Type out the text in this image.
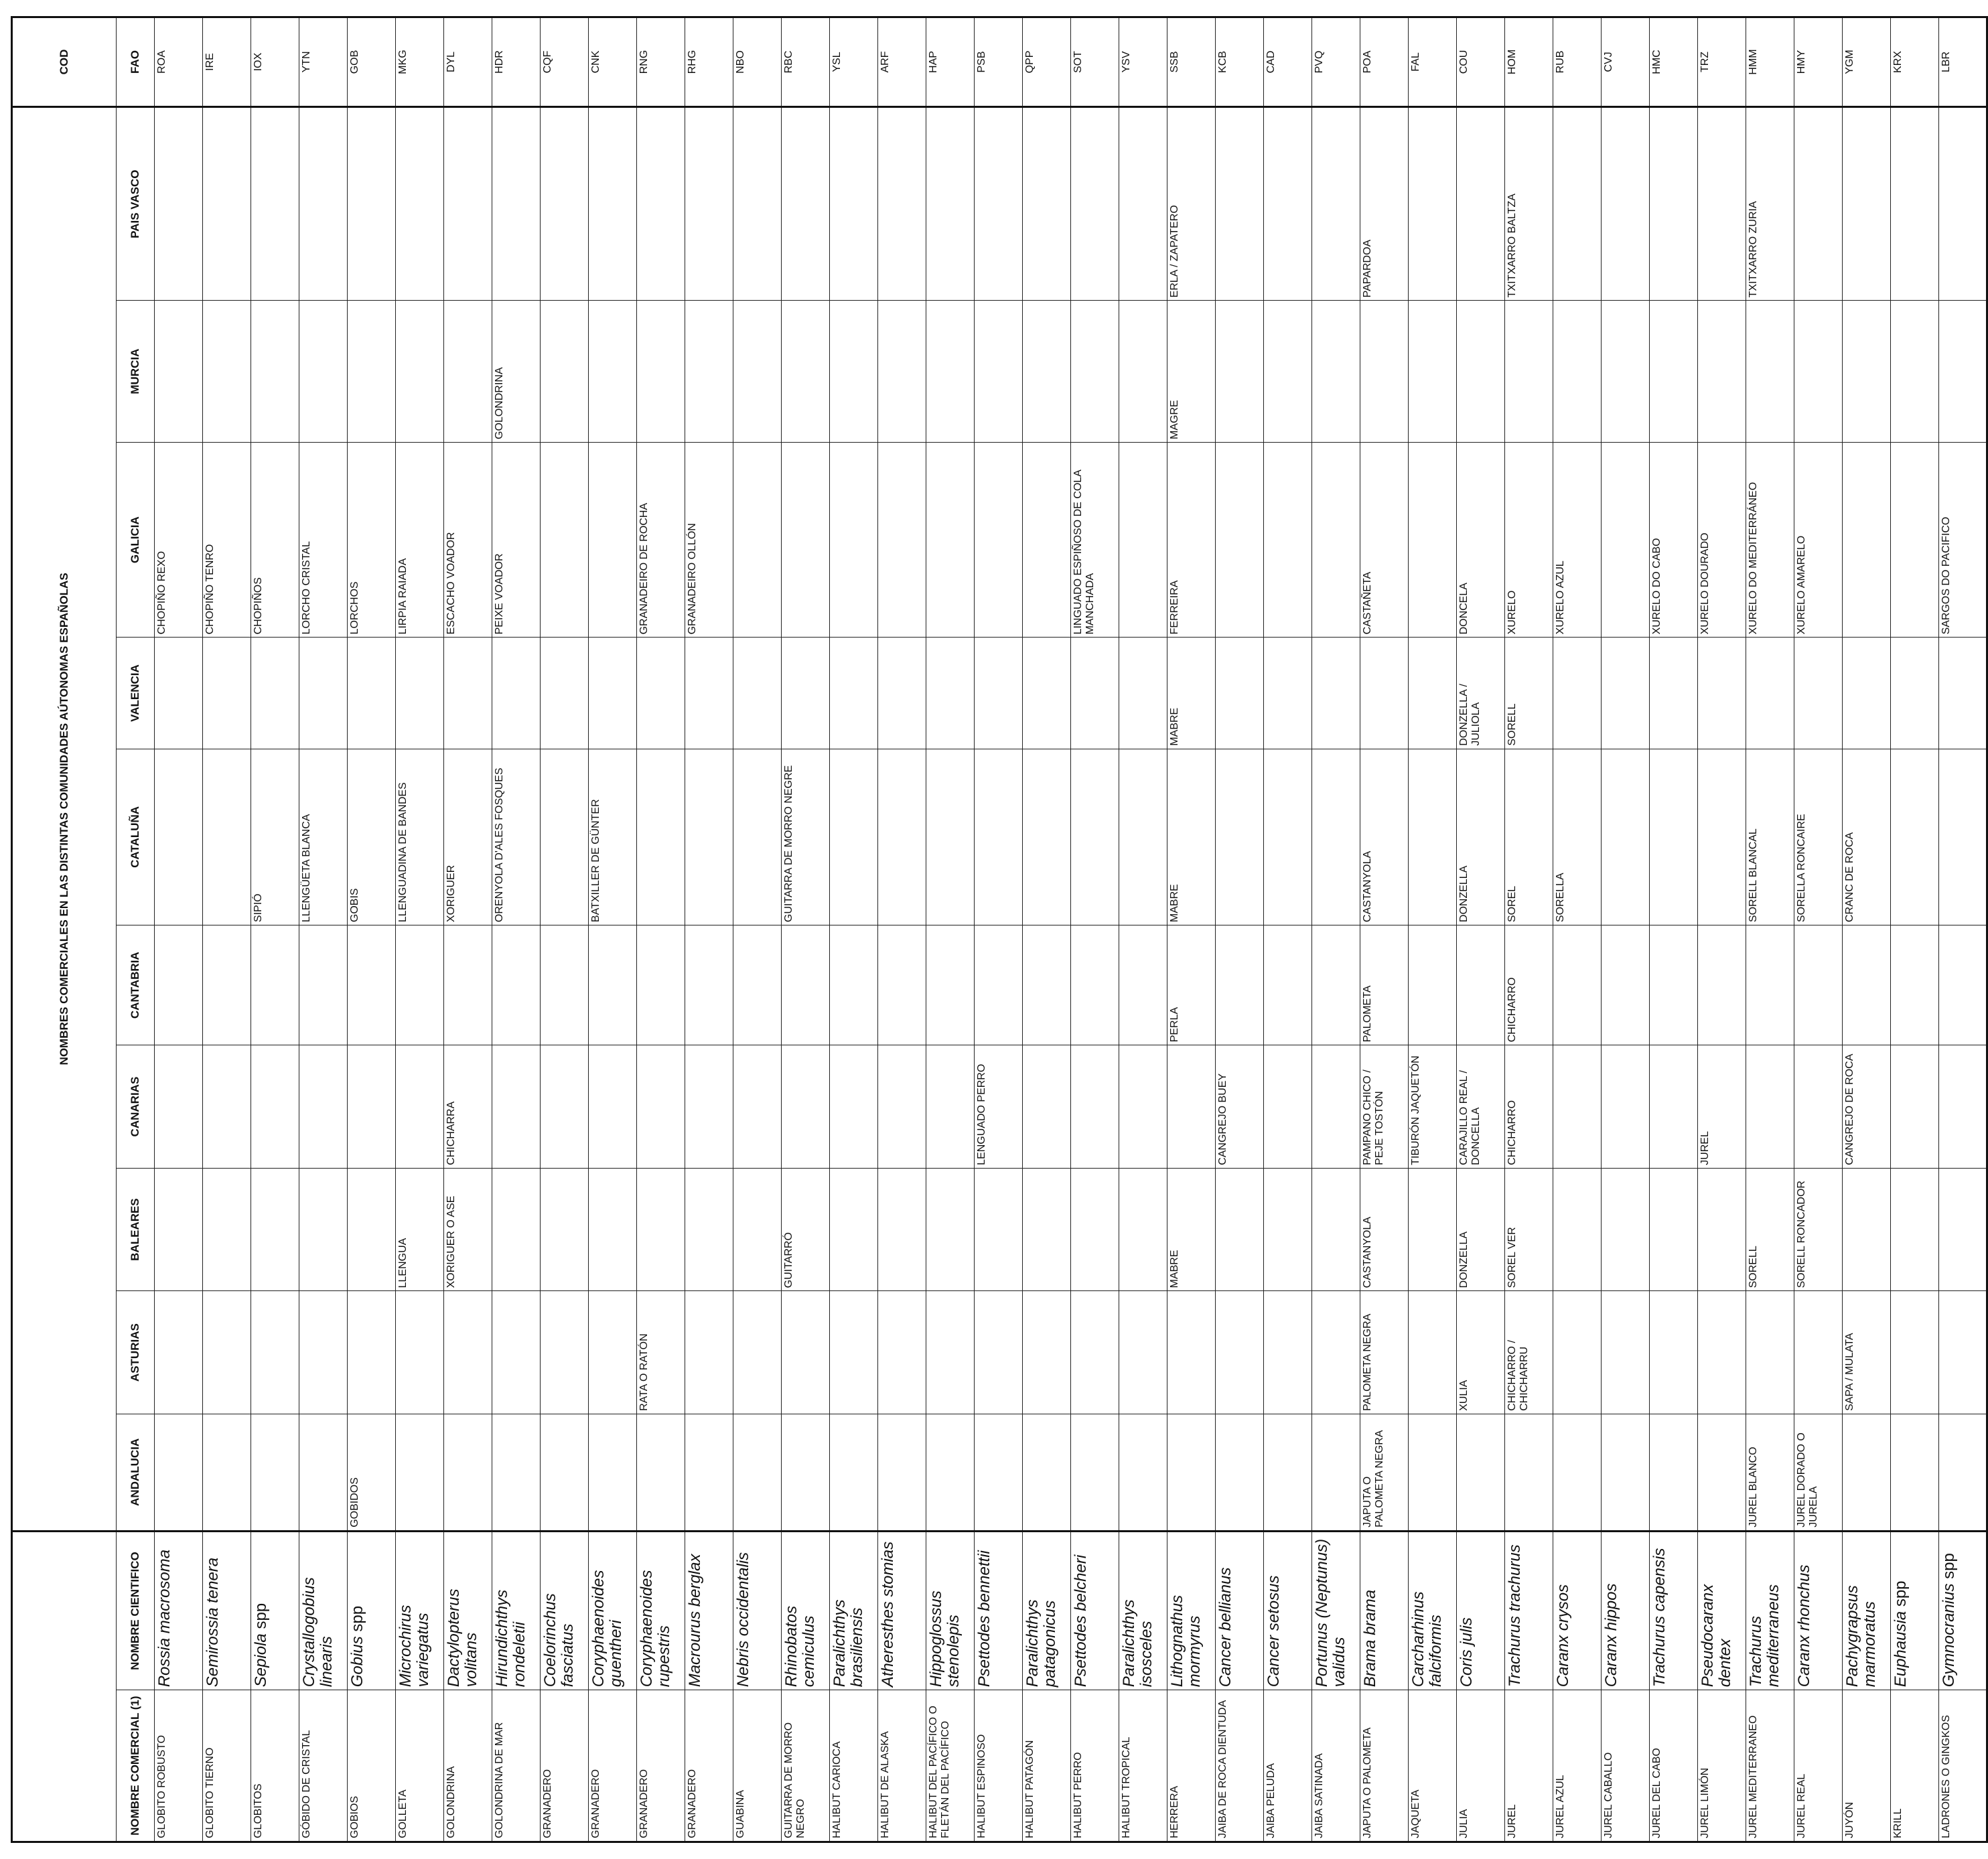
		NOMBRES COMERCIALES EN LAS DISTINTAS COMUNIDADES AÚTONOMAS ESPAÑOLAS										COD
NOMBRE COMERCIAL (1)	NOMBRE CIENTIFICO	ANDALUCIA	ASTURIAS	BALEARES	CANARIAS	CANTABRIA	CATALUÑA	VALENCIA	GALICIA	MURCIA	PAIS VASCO	FAO
GLOBITO ROBUSTO	Rossia macrosoma								CHOPIÑO REXO			ROA
GLOBITO TIERNO	Semirossia tenera								CHOPIÑO TENRO			IRE
GLOBITOS	Sepiola spp						SIPIÓ		CHOPIÑOS			IOX
GÓBIDO DE CRISTAL	Crystallogobius linearis						LLENGÜETA BLANCA		LORCHO CRISTAL			YTN
GOBIOS	Gobius spp	GOBIDOS					GOBIS		LORCHOS			GOB
GOLLETA	Microchirus variegatus			LLENGUA			LLENGUADINA DE BANDES		LIRPIA RAIADA			MKG
GOLONDRINA	Dactylopterus volitans			XORIGUER O ASE	CHICHARRA		XORIGUER		ESCACHO VOADOR			DYL
GOLONDRINA DE MAR	Hirundichthys rondeletii						ORENYOLA D'ALES FOSQUES		PEIXE VOADOR	GOLONDRINA		HDR
GRANADERO	Coelorinchus fasciatus											CQF
GRANADERO	Coryphaenoides guentheri						BATXILLER DE GÜNTER					CNK
GRANADERO	Coryphaenoides rupestris		RATA O RATÓN						GRANADEIRO DE ROCHA			RNG
GRANADERO	Macrourus berglax								GRANADEIRO OLLÓN			RHG
GUABINA	Nebris occidentalis											NBO
GUITARRA DE MORRO NEGRO	Rhinobatos cemiculus			GUITARRÓ			GUITARRA DE MORRO NEGRE					RBC
HALIBUT CARIOCA	Paralichthys brasiliensis											YSL
HALIBUT DE ALASKA	Atheresthes stomias											ARF
HALIBUT DEL PACÍFICO O FLETÁN DEL PACÍFICO	Hippoglossus stenolepis											HAP
HALIBUT ESPINOSO	Psettodes bennettii				LENGUADO PERRO							PSB
HALIBUT PATAGÓN	Paralichthys patagonicus											QPP
HALIBUT PERRO	Psettodes belcheri								LINGUADO ESPIÑOSO DE COLA MANCHADA			SOT
HALIBUT TROPICAL	Paralichthys isosceles											YSV
HERRERA	Lithognathus mormyrus			MABRE		PERLA	MABRE	MABRE	FERREIRA	MAGRE	ERLA / ZAPATERO	SSB
JAIBA DE ROCA DIENTUDA	Cancer bellianus				CANGREJO BUEY							KCB
JAIBA PELUDA	Cancer setosus											CAD
JAIBA SATINADA	Portunus (Neptunus) validus											PVQ
JAPUTA O PALOMETA	Brama brama	JAPUTA O PALOMETA NEGRA	PALOMETA NEGRA	CASTANYOLA	PAMPANO CHICO / PEJE TOSTÓN	PALOMETA	CASTANYOLA		CASTAÑETA		PAPARDOA	POA
JAQUETA	Carcharhinus falciformis				TIBURÓN JAQUETÓN							FAL
JULIA	Coris julis		XULIA	DONZELLA	CARAJILLO REAL / DONCELLA		DONZELLA	DONZELLA / JULIOLA	DONCELA			COU
JUREL	Trachurus trachurus		CHICHARRO / CHICHARRU	SOREL VER	CHICHARRO	CHICHARRO	SOREL	SORELL	XURELO		TXITXARRO BALTZA	HOM
JUREL AZUL	Caranx crysos						SORELLA		XURELO AZUL			RUB
JUREL CABALLO	Caranx hippos											CVJ
JUREL DEL CABO	Trachurus capensis								XURELO DO CABO			HMC
JUREL LIMÓN	Pseudocaranx dentex				JUREL				XURELO DOURADO			TRZ
JUREL MEDITERRANEO	Trachurus mediterraneus	JUREL BLANCO		SORELL			SORELL BLANCAL		XURELO DO MEDITERRÁNEO		TXITXARRO ZURIA	HMM
JUREL REAL	Caranx rhonchus	JUREL DORADO O JURELA		SORELL RONCADOR			SORELLA RONCAIRE		XURELO AMARELO			HMY
JUYÓN	Pachygrapsus marmoratus		SAPA / MULATA		CANGREJO DE ROCA		CRANC DE ROCA					YGM
KRILL	Euphausia spp											KRX
LADRONES O GINGKOS	Gymnocranius spp								SARGOS DO PACIFICO			LBR
